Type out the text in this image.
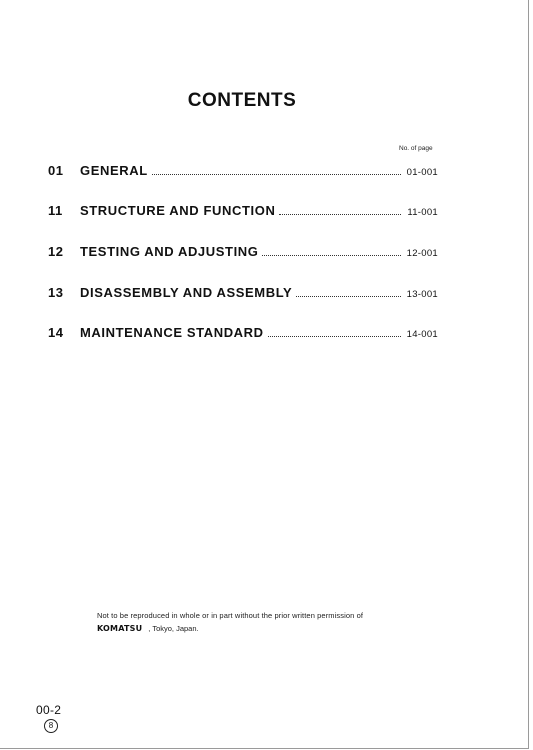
CONTENTS
No. of page
01	GENERAL	01-001
11	STRUCTURE AND FUNCTION	11-001
12	TESTING AND ADJUSTING	12-001
13	DISASSEMBLY AND ASSEMBLY	13-001
14	MAINTENANCE STANDARD	14-001
Not to be reproduced in whole or in part without the prior written permission of
KOMATSU , Tokyo, Japan.
00-2
8
